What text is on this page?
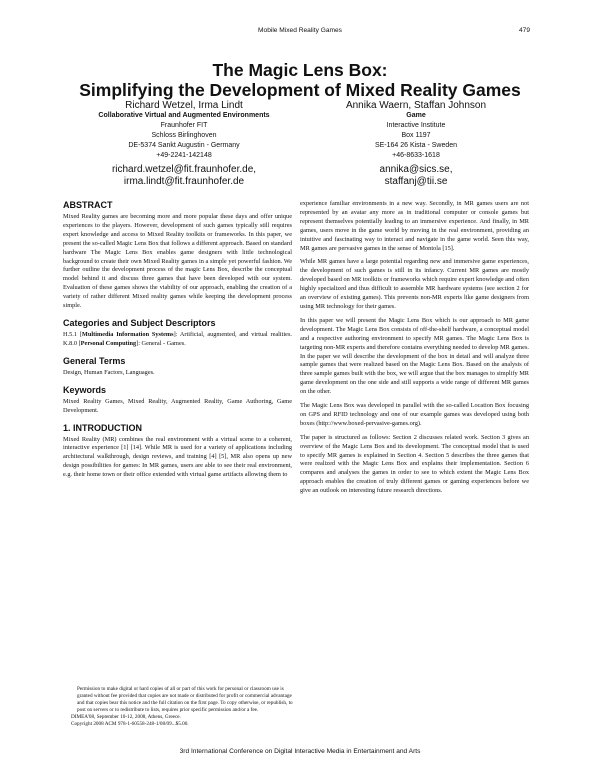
Mobile Mixed Reality Games	479
The Magic Lens Box:
Simplifying the Development of Mixed Reality Games
Richard Wetzel, Irma Lindt
Collaborative Virtual and Augmented Environments
Fraunhofer FIT
Schloss Birlinghoven
DE-5374 Sankt Augustin - Germany
+49-2241-142148
richard.wetzel@fit.fraunhofer.de,
irma.lindt@fit.fraunhofer.de
Annika Waern, Staffan Johnson
Game
Interactive Institute
Box 1197
SE-164 26 Kista - Sweden
+46-8633-1618
annika@sics.se,
staffanj@tii.se
ABSTRACT

Mixed Reality games are becoming more and more popular these days and offer unique experiences to the players. However, development of such games typically still requires expert knowledge and access to Mixed Reality toolkits or frameworks. In this paper, we present the so-called Magic Lens Box that follows a different approach. Based on standard hardware The Magic Lens Box enables game designers with little technological background to create their own Mixed Reality games in a simple yet powerful fashion. We further outline the development process of the magic Lens Box, describe the conceptual model behind it and discuss three games that have been developed with our system. Evaluation of these games shows the viability of our approach, enabling the creation of a variety of rather different Mixed reality games while keeping the development process simple.

Categories and Subject Descriptors

H.5.1 [Multimedia Information Systems]: Artificial, augmented, and virtual realities. K.8.0 [Personal Computing]: General - Games.

General Terms

Design, Human Factors, Languages.

Keywords

Mixed Reality Games, Mixed Reality, Augmented Reality, Game Authoring, Game Development.

1. INTRODUCTION

Mixed Reality (MR) combines the real environment with a virtual scene to a coherent, interactive experience [1] [14]. While MR is used for a variety of applications including architectural walkthrough, design reviews, and training [4] [5], MR also opens up new design possibilities for games: In MR games, users are able to see their real environment, e.g. their home town or their office extended with virtual game artifacts allowing them to

Permission to make digital or hard copies of all or part of this work for personal or classroom use is granted without fee provided that copies are not made or distributed for profit or commercial advantage and that copies bear this notice and the full citation on the first page. To copy otherwise, or republish, to post on servers or to redistribute to lists, requires prior specific permission and/or a fee.
DIMEA'08, September 10-12, 2008, Athens, Greece.
Copyright 2008 ACM 978-1-60558-248-1/08/09...$5.00.

experience familiar environments in a new way. Secondly, in MR games users are not represented by an avatar any more as in traditional computer or console games but represent themselves potentially leading to an immersive experience. And finally, in MR games, users move in the game world by moving in the real environment, providing an intuitive and fascinating way to interact and navigate in the game world. Seen this way, MR games are pervasive games in the sense of Montola [15].

While MR games have a large potential regarding new and immersive game experiences, the development of such games is still in its infancy. Current MR games are mostly developed based on MR toolkits or frameworks which require expert knowledge and often highly specialized and thus difficult to assemble MR hardware systems (see section 2 for an overview of existing games). This prevents non-MR experts like game designers from using MR technology for their games.

In this paper we will present the Magic Lens Box which is our approach to MR game development. The Magic Lens Box consists of off-the-shelf hardware, a conceptual model and a respective authoring environment to specify MR games. The Magic Lens Box is targeting non-MR experts and therefore contains everything needed to develop MR games. In the paper we will describe the development of the box in detail and will analyze three sample games that were realized based on the Magic Lens Box. Based on the analysis of three sample games built with the box, we will argue that the box manages to simplify MR game development on the one side and still supports a wide range of different MR games on the other.

The Magic Lens Box was developed in parallel with the so-called Location Box focusing on GPS and RFID technology and one of our example games was developed using both boxes (http://www.boxed-pervasive-games.org).

The paper is structured as follows: Section 2 discusses related work. Section 3 gives an overview of the Magic Lens Box and its development. The conceptual model that is used to specify MR games is explained in Section 4. Section 5 describes the three games that were realized with the Magic Lens Box and explains their implementation. Section 6 compares and analyses the games in order to see to which extent the Magic Lens Box approach enables the creation of truly different games or gaming experiences before we give an outlook on interesting future research directions.

3rd International Conference on Digital Interactive Media in Entertainment and Arts
